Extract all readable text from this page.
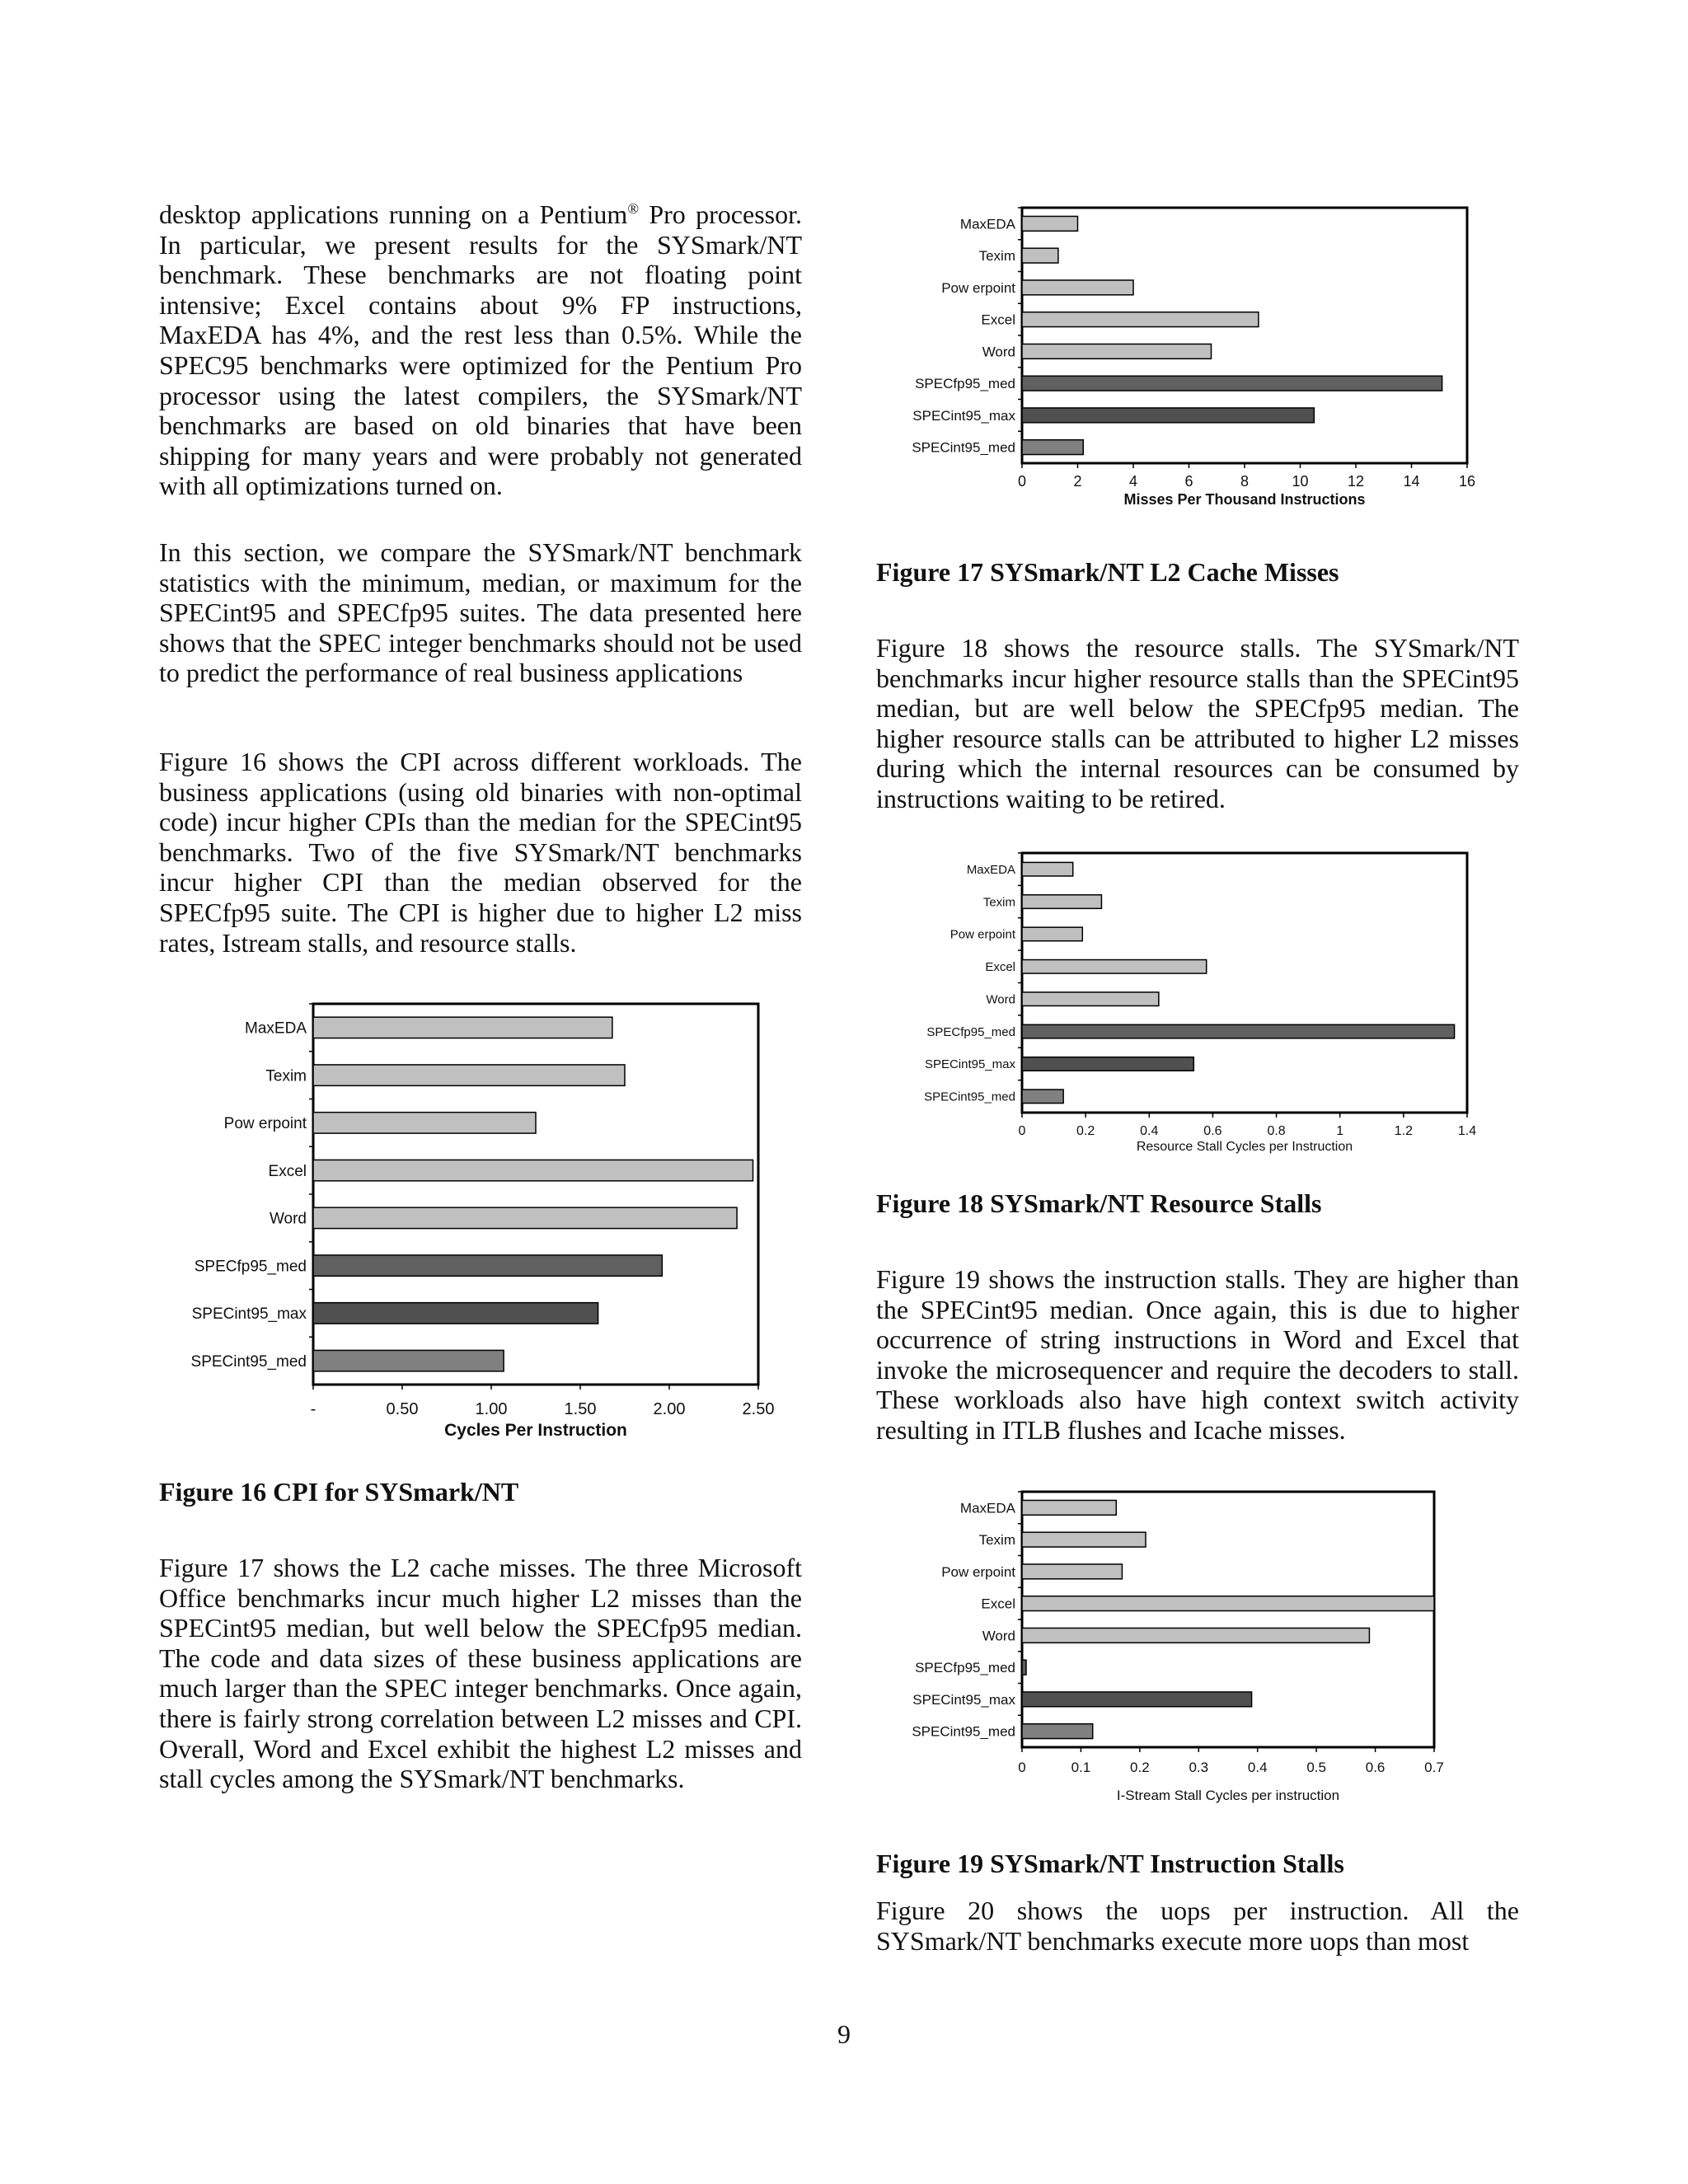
desktop applications running on a Pentium® Pro processor. In particular, we present results for the SYSmark/NT benchmark. These benchmarks are not floating point intensive; Excel contains about 9% FP instructions, MaxEDA has 4%, and the rest less than 0.5%. While the SPEC95 benchmarks were optimized for the Pentium Pro processor using the latest compilers, the SYSmark/NT benchmarks are based on old binaries that have been shipping for many years and were probably not generated with all optimizations turned on.

In this section, we compare the SYSmark/NT benchmark statistics with the minimum, median, or maximum for the SPECint95 and SPECfp95 suites. The data presented here shows that the SPEC integer benchmarks should not be used to predict the performance of real business applications

Figure 16 shows the CPI across different workloads. The business applications (using old binaries with non-optimal code) incur higher CPIs than the median for the SPECint95 benchmarks. Two of the five SYSmark/NT benchmarks incur higher CPI than the median observed for the SPECfp95 suite. The CPI is higher due to higher L2 miss rates, Istream stalls, and resource stalls.

MaxEDA
Texim
Pow erpoint
Excel
Word
SPECfp95_med
SPECint95_max
SPECint95_med
-	0.50	1.00	1.50	2.00	2.50
Cycles Per Instruction

Figure 16 CPI for SYSmark/NT

Figure 17 shows the L2 cache misses. The three Microsoft Office benchmarks incur much higher L2 misses than the SPECint95 median, but well below the SPECfp95 median. The code and data sizes of these business applications are much larger than the SPEC integer benchmarks. Once again, there is fairly strong correlation between L2 misses and CPI. Overall, Word and Excel exhibit the highest L2 misses and stall cycles among the SYSmark/NT benchmarks.

MaxEDA
Texim
Pow erpoint
Excel
Word
SPECfp95_med
SPECint95_max
SPECint95_med
0	2	4	6	8	10	12	14	16
Misses Per Thousand Instructions

Figure 17 SYSmark/NT L2 Cache Misses

Figure 18 shows the resource stalls. The SYSmark/NT benchmarks incur higher resource stalls than the SPECint95 median, but are well below the SPECfp95 median. The higher resource stalls can be attributed to higher L2 misses during which the internal resources can be consumed by instructions waiting to be retired.

MaxEDA
Texim
Pow erpoint
Excel
Word
SPECfp95_med
SPECint95_max
SPECint95_med
0	0.2	0.4	0.6	0.8	1	1.2	1.4
Resource Stall Cycles per Instruction

Figure 18 SYSmark/NT Resource Stalls

Figure 19 shows the instruction stalls. They are higher than the SPECint95 median. Once again, this is due to higher occurrence of string instructions in Word and Excel that invoke the microsequencer and require the decoders to stall. These workloads also have high context switch activity resulting in ITLB flushes and Icache misses.

MaxEDA
Texim
Pow erpoint
Excel
Word
SPECfp95_med
SPECint95_max
SPECint95_med
0	0.1	0.2	0.3	0.4	0.5	0.6	0.7
I-Stream Stall Cycles per instruction

Figure 19 SYSmark/NT Instruction Stalls

Figure 20 shows the uops per instruction. All the SYSmark/NT benchmarks execute more uops than most

9
